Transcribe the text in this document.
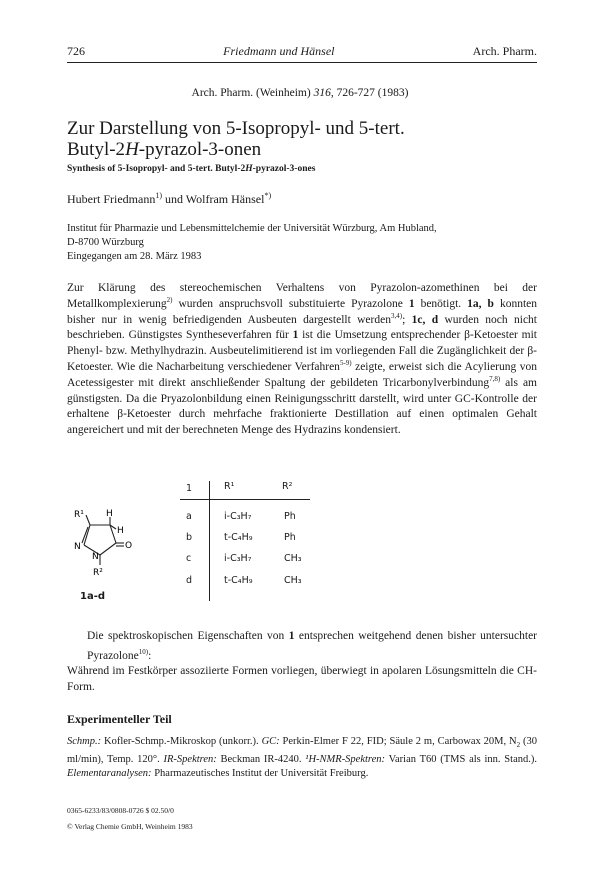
726	Friedmann und Hänsel	Arch. Pharm.
Arch. Pharm. (Weinheim) 316, 726-727 (1983)
Zur Darstellung von 5-Isopropyl- und 5-tert.
Butyl-2H-pyrazol-3-onen
Synthesis of 5-Isopropyl- and 5-tert. Butyl-2H-pyrazol-3-ones
Hubert Friedmann$^{1)}$ und Wolfram Hänsel*)
Institut für Pharmazie und Lebensmittelchemie der Universität Würzburg, Am Hubland,
D-8700 Würzburg
Eingegangen am 28. März 1983

Zur Klärung des stereochemischen Verhaltens von Pyrazolon-azomethinen bei der Metallkomplexierung$^{2)}$ wurden anspruchsvoll substituierte Pyrazolone 1 benötigt. 1a, b konnten bisher nur in wenig befriedigenden Ausbeuten dargestellt werden$^{3,4)}$; 1c, d wurden noch nicht beschrieben. Günstigstes Syntheseverfahren für 1 ist die Umsetzung entsprechender β-Ketoester mit Phenyl- bzw. Methylhydrazin. Ausbeutelimitierend ist im vorliegenden Fall die Zugänglichkeit der β-Ketoester. Wie die Nacharbeitung verschiedener Verfahren$^{5-9)}$ zeigte, erweist sich die Acylierung von Acetessigester mit direkt anschließender Spaltung der gebildeten Tricarbonylverbindung$^{7,8)}$ als am günstigsten. Da die Pryazolonbildung einen Reinigungsschritt darstellt, wird unter GC-Kontrolle der erhaltene β-Ketoester durch mehrfache fraktionierte Destillation auf einen optimalen Gehalt angereichert und mit der berechneten Menge des Hydrazins kondensiert.

R¹ H
H
N
N
O
R²
1a-d
1	R¹	R²
a	i-C₃H₇	Ph
b	t-C₄H₉	Ph
c	i-C₃H₇	CH₃
d	t-C₄H₉	CH₃
Die spektroskopischen Eigenschaften von 1 entsprechen weitgehend denen bisher untersuchter Pyrazolone$^{10)}$:
Während im Festkörper assoziierte Formen vorliegen, überwiegt in apolaren Lösungsmitteln die CH-Form.
Experimenteller Teil

Schmp.: Kofler-Schmp.-Mikroskop (unkorr.). GC: Perkin-Elmer F 22, FID; Säule 2 m, Carbowax 20M, $N_2$ (30 ml/min), Temp. 120°. IR-Spektren: Beckman IR-4240. ¹H-NMR-Spektren: Varian T60 (TMS als inn. Stand.). Elementaranalysen: Pharmazeutisches Institut der Universität Freiburg.

0365-6233/83/0808-0726 $ 02.50/0
© Verlag Chemie GmbH, Weinheim 1983
